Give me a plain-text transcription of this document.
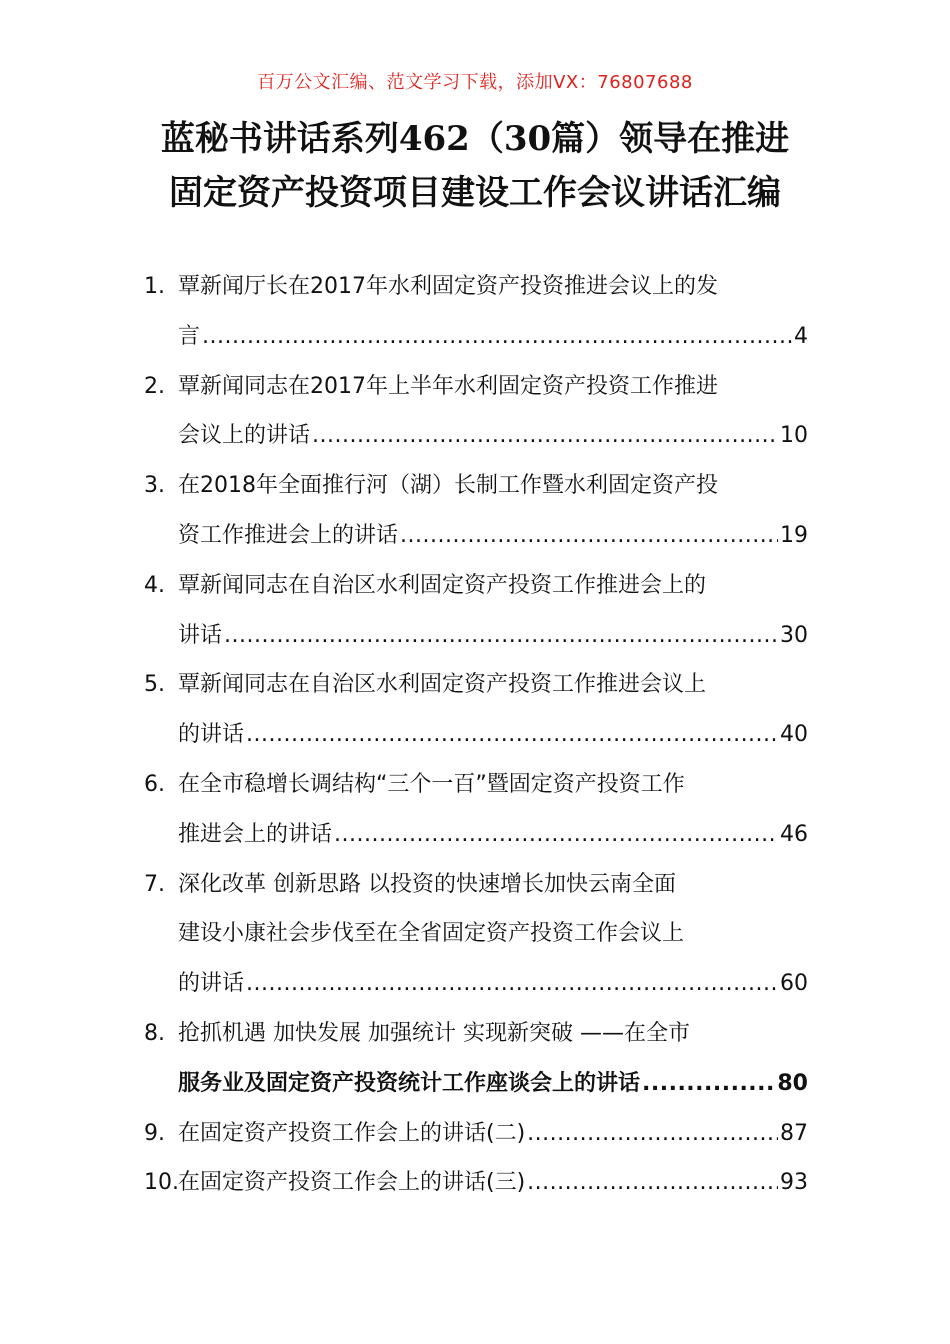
百万公文汇编、范文学习下载，添加VX：76807688
蓝秘书讲话系列462（30篇）领导在推进
固定资产投资项目建设工作会议讲话汇编
1. 覃新闻厅长在2017年水利固定资产投资推进会议上的发
言 .....	4
2. 覃新闻同志在2017年上半年水利固定资产投资工作推进
会议上的讲话 .....	10
3. 在2018年全面推行河（湖）长制工作暨水利固定资产投
资工作推进会上的讲话 .....	19
4. 覃新闻同志在自治区水利固定资产投资工作推进会上的
讲话 .....	30
5. 覃新闻同志在自治区水利固定资产投资工作推进会议上
的讲话 .....	40
6. 在全市稳增长调结构“三个一百”暨固定资产投资工作
推进会上的讲话 .....	46
7. 深化改革 创新思路 以投资的快速增长加快云南全面
建设小康社会步伐至在全省固定资产投资工作会议上
的讲话 .....	60
8. 抢抓机遇 加快发展 加强统计 实现新突破 ——在全市
服务业及固定资产投资统计工作座谈会上的讲话 .....	80
9. 在固定资产投资工作会上的讲话(二) .....	87
10. 在固定资产投资工作会上的讲话(三) .....	93
